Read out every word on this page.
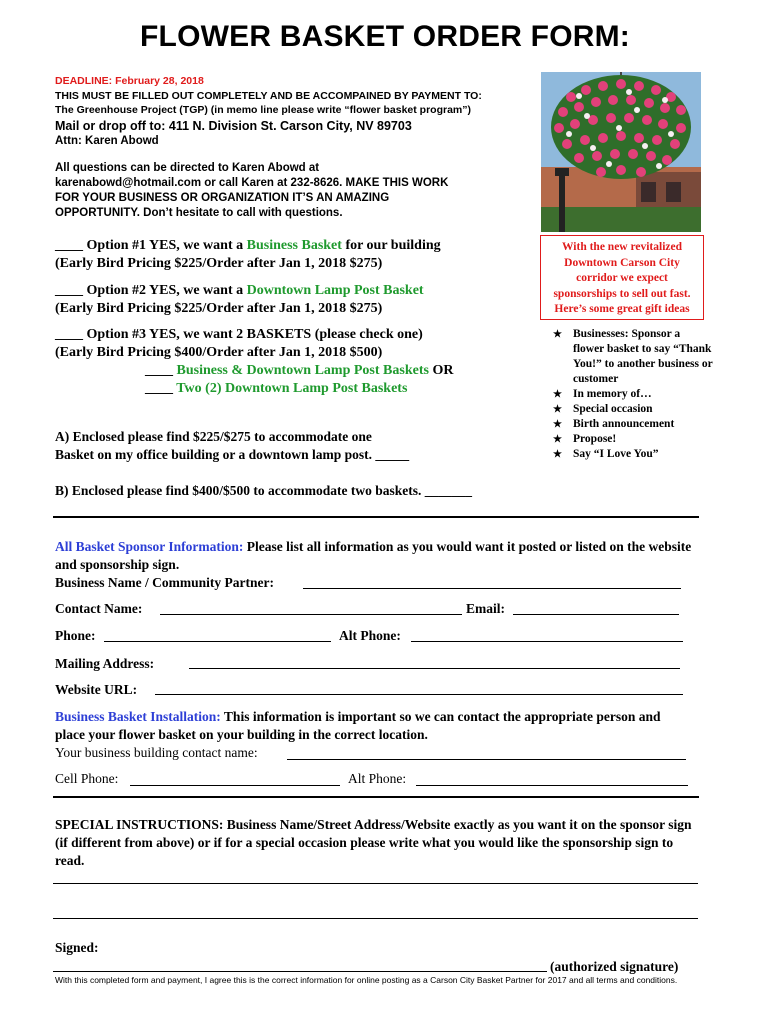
FLOWER BASKET ORDER FORM:
DEADLINE: February 28, 2018
THIS MUST BE FILLED OUT COMPLETELY AND BE ACCOMPAINED BY PAYMENT TO:
The Greenhouse Project (TGP) (in memo line please write “flower basket program”)
Mail or drop off to: 411 N. Division St. Carson City, NV 89703
Attn: Karen Abowd
All questions can be directed to Karen Abowd at
karenabowd@hotmail.com or call Karen at 232-8626. MAKE THIS WORK
FOR YOUR BUSINESS OR ORGANIZATION IT’S AN AMAZING
OPPORTUNITY. Don’t hesitate to call with questions.
____ Option #1 YES, we want a Business Basket for our building
(Early Bird Pricing $225/Order after Jan 1, 2018 $275)
____ Option #2 YES, we want a Downtown Lamp Post Basket
(Early Bird Pricing $225/Order after Jan 1, 2018 $275)
____ Option #3 YES, we want 2 BASKETS (please check one)
(Early Bird Pricing $400/Order after Jan 1, 2018 $500)
____ Business & Downtown Lamp Post Baskets OR
____ Two (2) Downtown Lamp Post Baskets
A) Enclosed please find $225/$275 to accommodate one
Basket on my office building or a downtown lamp post. _____
B) Enclosed please find $400/$500 to accommodate two baskets. _______
With the new revitalized Downtown Carson City corridor we expect sponsorships to sell out fast. Here’s some great gift ideas
★ Businesses: Sponsor a flower basket to say “Thank You!” to another business or customer
★ In memory of…
★ Special occasion
★ Birth announcement
★ Propose!
★ Say “I Love You”
All Basket Sponsor Information: Please list all information as you would want it posted or listed on the website and sponsorship sign.
Business Name / Community Partner:
Contact Name:	Email:
Phone:	Alt Phone:
Mailing Address:
Website URL:
Business Basket Installation: This information is important so we can contact the appropriate person and place your flower basket on your building in the correct location.
Your business building contact name:
Cell Phone:	Alt Phone:
SPECIAL INSTRUCTIONS: Business Name/Street Address/Website exactly as you want it on the sponsor sign (if different from above) or if for a special occasion please write what you would like the sponsorship sign to read.
Signed:
(authorized signature)
With this completed form and payment, I agree this is the correct information for online posting as a Carson City Basket Partner for 2017 and all terms and conditions.
